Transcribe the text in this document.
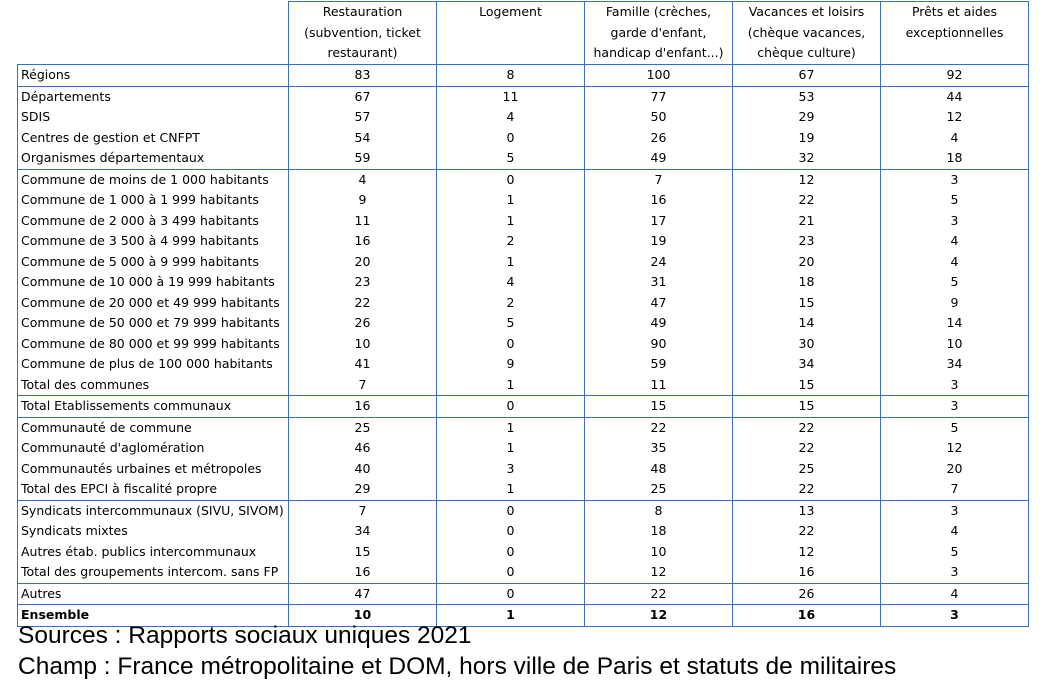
	Restauration (subvention, ticket restaurant)	Logement	Famille (crèches, garde d'enfant, handicap d'enfant...)	Vacances et loisirs (chèque vacances, chèque culture)	Prêts et aides exceptionnelles
Régions	83	8	100	67	92
Départements	67	11	77	53	44
SDIS	57	4	50	29	12
Centres de gestion et CNFPT	54	0	26	19	4
Organismes départementaux	59	5	49	32	18
Commune de moins de 1 000 habitants	4	0	7	12	3
Commune de 1 000 à 1 999 habitants	9	1	16	22	5
Commune de 2 000 à 3 499 habitants	11	1	17	21	3
Commune de 3 500 à 4 999 habitants	16	2	19	23	4
Commune de 5 000 à 9 999 habitants	20	1	24	20	4
Commune de 10 000 à 19 999 habitants	23	4	31	18	5
Commune de 20 000 et 49 999 habitants	22	2	47	15	9
Commune de 50 000 et 79 999 habitants	26	5	49	14	14
Commune de 80 000 et 99 999 habitants	10	0	90	30	10
Commune de plus de 100 000 habitants	41	9	59	34	34
Total des communes	7	1	11	15	3
Total Etablissements communaux	16	0	15	15	3
Communauté de commune	25	1	22	22	5
Communauté d'aglomération	46	1	35	22	12
Communautés urbaines et métropoles	40	3	48	25	20
Total des EPCI à fiscalité propre	29	1	25	22	7
Syndicats intercommunaux (SIVU, SIVOM)	7	0	8	13	3
Syndicats mixtes	34	0	18	22	4
Autres étab. publics intercommunaux	15	0	10	12	5
Total des groupements intercom. sans FP	16	0	12	16	3
Autres	47	0	22	26	4
Ensemble	10	1	12	16	3
Sources : Rapports sociaux uniques 2021
Champ : France métropolitaine et DOM, hors ville de Paris et statuts de militaires
